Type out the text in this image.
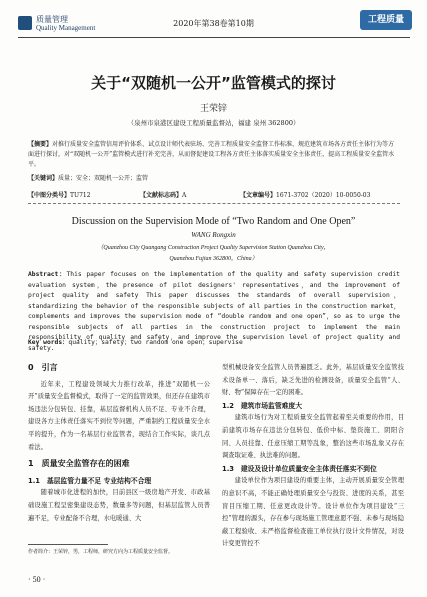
质量管理
Quality Management	2020年第38卷第10期	工程质量
关于“双随机一公开”监管模式的探讨
王荣锌
（泉州市泉港区建设工程质量监督站，福建 泉州 362800）
【摘要】对推行质量安全监管信用评价体系、试点设计师代表驻场、完善工程质量安全监督工作标准、规范建筑市场各方责任主体行为等方面进行探讨，对“双随机一公开”监管模式进行补充完善，从而督促建设工程各方责任主体落实质量安全主体责任，提高工程质量安全监管水平。
【关键词】质量；安全；双随机一公开；监管
【中图分类号】TU712	【文献标志码】A	【文章编号】1671-3702（2020）10-0050-03
Discussion on the Supervision Mode of “Two Random and One Open”
WANG Rongxin
（Quanzhou City Quangang Construction Project Quality Supervision Station Quanzhou City，
Quanzhou Fujian 362800，China）
Abstract：This paper focuses on the implementation of the quality and safety supervision credit evaluation system，the presence of pilot designers' representatives，and the improvement of project quality and safety This paper discusses the standards of overall supervision，standardizing the behavior of the responsible subjects of all parties in the construction market，complements and improves the supervision mode of “double random and one open”，so as to urge the responsible subjects of all parties in the construction project to implement the main responsibility of quality and safety，and improve the supervision level of project quality and safety.
Key words：quality；safety；two random one open；supervise
0　引言

近年来，工程建设领域大力推行改革，推进“双随机一公开”质量安全监督模式，取得了一定的监管效果，但还存在建筑市场违法分包转包、挂靠，基层监督机构人员不足、专业不合理，建设各方主体责任落实不到位等问题，严重制约工程质量安全水平的提升，作为一名基层行业监管者，现结合工作实际，谈几点看法。

1　质量安全监管存在的困难
1.1　基层监管力量不足 专业结构不合理

随着城市化进程的加快，目前县区一级房地产开发、市政基础设施工程呈密集建设态势，数量多等问题，但基层监管人员普遍不足，专业配备不合理，水电暖通、大

型机械设备安全监管人员普遍匮乏。此外，基层质量安全监管技术设备单一、落后，缺乏先进的检测设备，质量安全监管“人、财、物”保障存在一定的困难。

1.2　建筑市场监管难度大

建筑市场行为对工程质量安全监管起着至关重要的作用，目前建筑市场存在违法分包转包、低价中标、垫资施工、阴阳合同、人员挂靠、任意压缩工期等乱象，整治这些市场乱象又存在调查取证难、执法难的问题。

1.3　建设及设计单位质量安全主体责任落实不到位

建设单位作为项目建设的重要主体，主动开展质量安全管理的意识不高，不能正确处理质量安全与投资、进度的关系，甚至盲目压缩工期、任意更改设计等。设计单位作为项目建设“三控”管理的源头，存在参与现场施工管理意愿不强、未参与现场隐蔽工程验收、未严格监督检查施工单位执行设计文件情况，对设计变更管控不

作者简介：王荣锌，男，工程师，研究方向为工程质量安全监督。
· 50 ·
